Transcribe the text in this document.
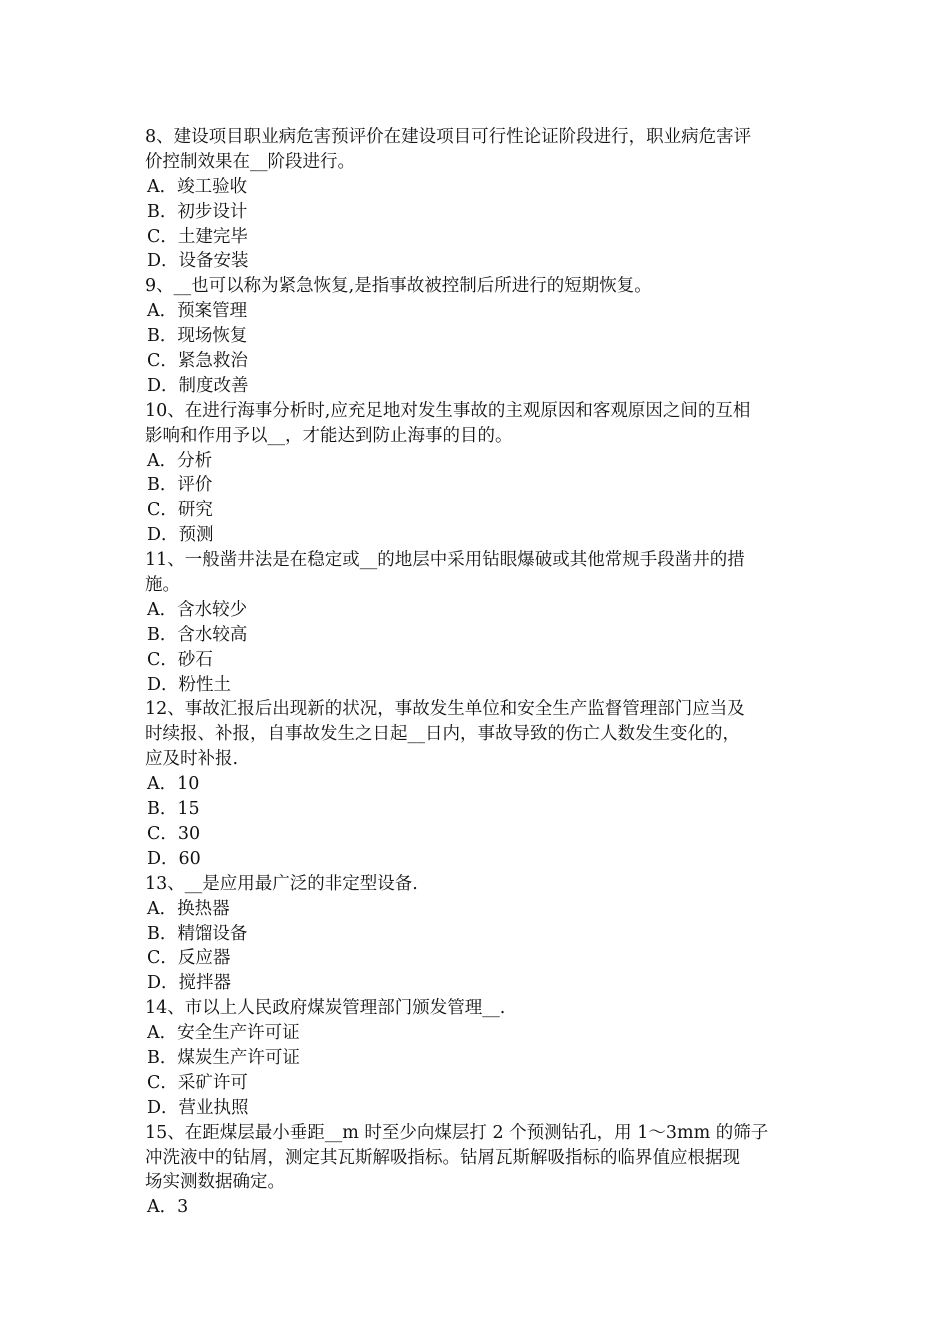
8、建设项目职业病危害预评价在建设项目可行性论证阶段进行，职业病危害评
价控制效果在__阶段进行。
A．竣工验收
B．初步设计
C．土建完毕
D．设备安装
9、__也可以称为紧急恢复,是指事故被控制后所进行的短期恢复。
A．预案管理
B．现场恢复
C．紧急救治
D．制度改善
10、在进行海事分析时,应充足地对发生事故的主观原因和客观原因之间的互相
影响和作用予以__，才能达到防止海事的目的。
A．分析
B．评价
C．研究
D．预测
11、一般凿井法是在稳定或__的地层中采用钻眼爆破或其他常规手段凿井的措
施。
A．含水较少
B．含水较高
C．砂石
D．粉性土
12、事故汇报后出现新的状况，事故发生单位和安全生产监督管理部门应当及
时续报、补报，自事故发生之日起__日内，事故导致的伤亡人数发生变化的，
应及时补报.
A．10
B．15
C．30
D．60
13、__是应用最广泛的非定型设备.
A．换热器
B．精馏设备
C．反应器
D．搅拌器
14、市以上人民政府煤炭管理部门颁发管理__.
A．安全生产许可证
B．煤炭生产许可证
C．采矿许可
D．营业执照
15、在距煤层最小垂距__m 时至少向煤层打 2 个预测钻孔，用 1～3mm 的筛子
冲洗液中的钻屑，测定其瓦斯解吸指标。钻屑瓦斯解吸指标的临界值应根据现
场实测数据确定。
A．3
